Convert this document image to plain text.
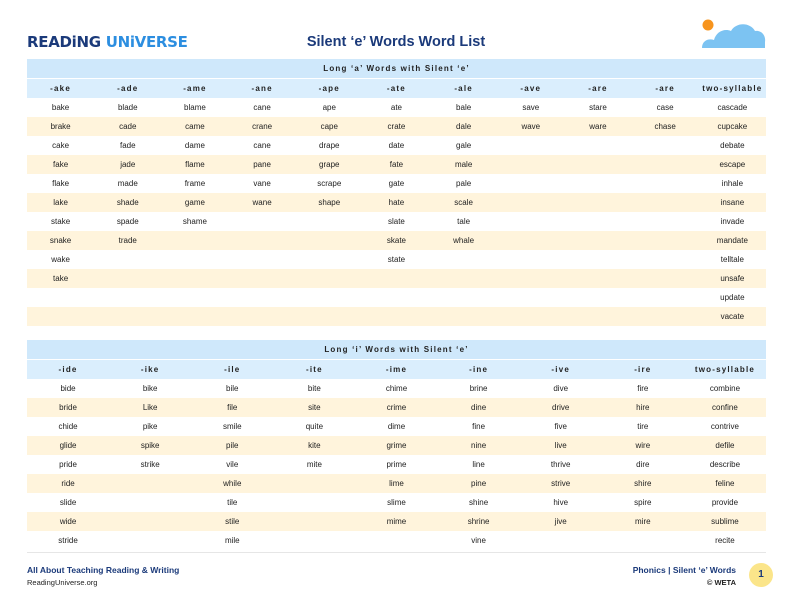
READiNG UNiVERSE	Silent ‘e’ Words Word List
Long ‘a’ Words with Silent ‘e’										
-ake	-ade	-ame	-ane	-ape	-ate	-ale	-ave	-are	-are	two-syllable
bake	blade	blame	cane	ape	ate	bale	save	stare	case	cascade
brake	cade	came	crane	cape	crate	dale	wave	ware	chase	cupcake
cake	fade	dame	cane	drape	date	gale				debate
fake	jade	flame	pane	grape	fate	male				escape
flake	made	frame	vane	scrape	gate	pale				inhale
lake	shade	game	wane	shape	hate	scale				insane
stake	spade	shame			slate	tale				invade
snake	trade				skate	whale				mandate
wake					state					telltale
take										unsafe
										update
										vacate
Long ‘i’ Words with Silent ‘e’								
-ide	-ike	-ile	-ite	-ime	-ine	-ive	-ire	two-syllable
bide	bike	bile	bite	chime	brine	dive	fire	combine
bride	Like	file	site	crime	dine	drive	hire	confine
chide	pike	smile	quite	dime	fine	five	tire	contrive
glide	spike	pile	kite	grime	nine	live	wire	defile
pride	strike	vile	mite	prime	line	thrive	dire	describe
ride		while		lime	pine	strive	shire	feline
slide		tile		slime	shine	hive	spire	provide
wide		stile		mime	shrine	jive	mire	sublime
stride		mile			vine			recite
All About Teaching Reading & Writing
ReadingUniverse.org
Phonics | Silent ‘e’ Words
© WETA
1
